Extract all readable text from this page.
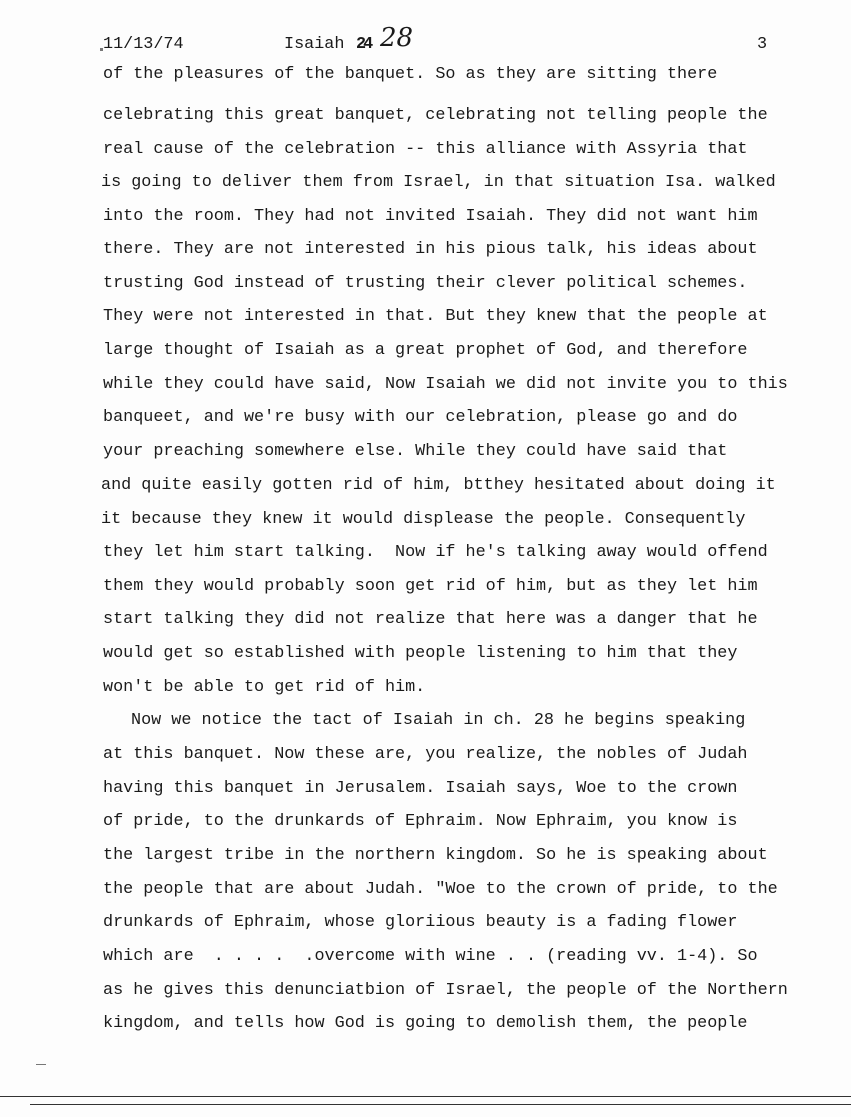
11/13/74	Isaiah 24 28	3
of the pleasures of the banquet. So as they are sitting there
celebrating this great banquet, celebrating not telling people the
real cause of the celebration -- this alliance with Assyria that
is going to deliver them from Israel, in that situation Isa. walked
into the room. They had not invited Isaiah. They did not want him
there. They are not interested in his pious talk, his ideas about
trusting God instead of trusting their clever political schemes.
They were not interested in that. But they knew that the people at
large thought of Isaiah as a great prophet of God, and therefore
while they could have said, Now Isaiah we did not invite you to this
banqueet, and we're busy with our celebration, please go and do
your preaching somewhere else. While they could have said that
and quite easily gotten rid of him, btthey hesitated about doing it
it because they knew it would displease the people. Consequently
they let him start talking.  Now if he's talking away would offend
them they would probably soon get rid of him, but as they let him
start talking they did not realize that here was a danger that he
would get so established with people listening to him that they
won't be able to get rid of him.
Now we notice the tact of Isaiah in ch. 28 he begins speaking
at this banquet. Now these are, you realize, the nobles of Judah
having this banquet in Jerusalem. Isaiah says, Woe to the crown
of pride, to the drunkards of Ephraim. Now Ephraim, you know is
the largest tribe in the northern kingdom. So he is speaking about
the people that are about Judah. "Woe to the crown of pride, to the
drunkards of Ephraim, whose gloriious beauty is a fading flower
which are  . . . .  .overcome with wine . . (reading vv. 1-4). So
as he gives this denunciatbion of Israel, the people of the Northern
kingdom, and tells how God is going to demolish them, the people
